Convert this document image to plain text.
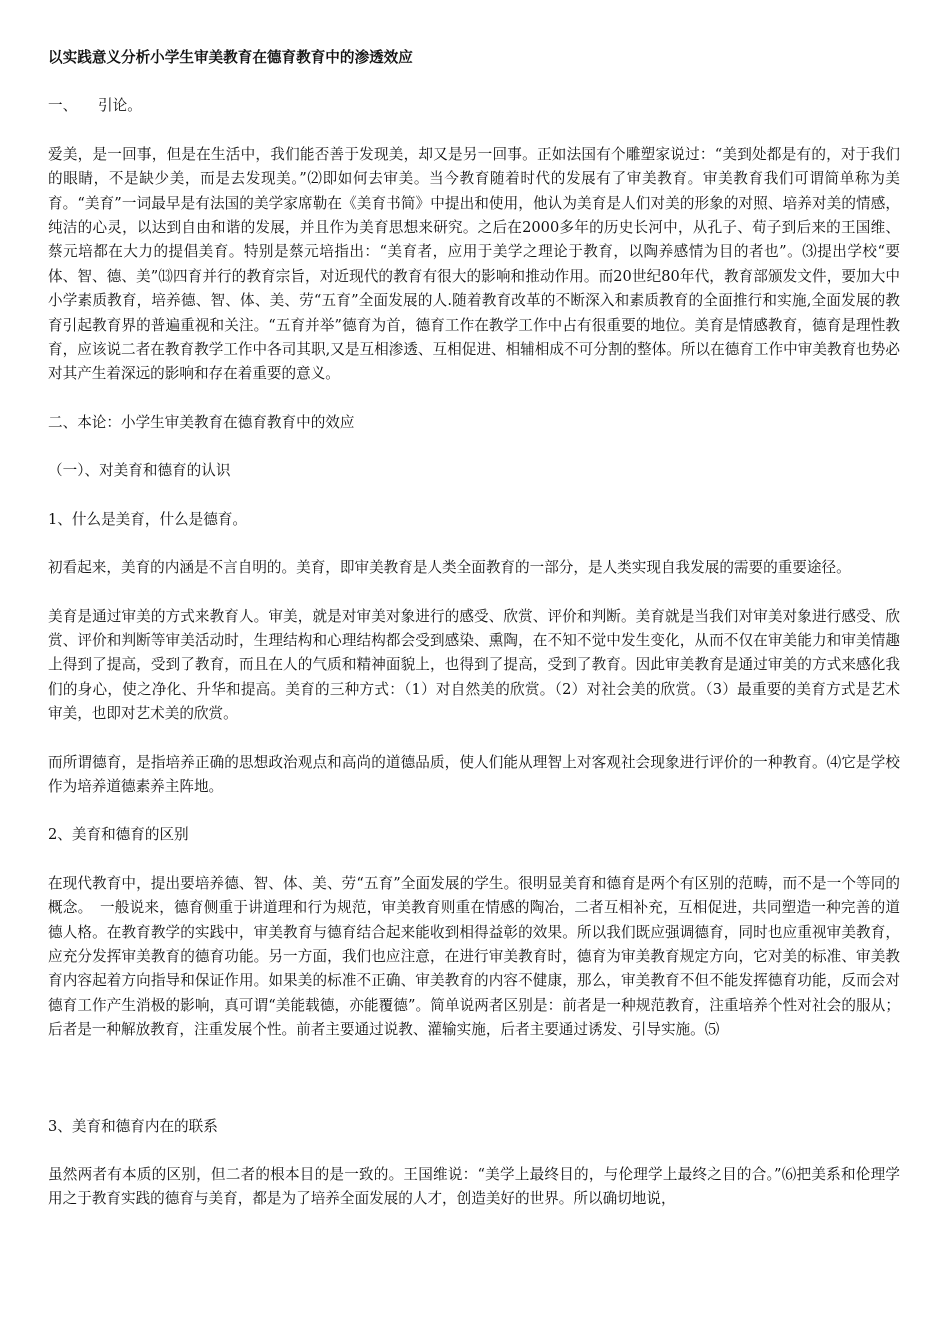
以实践意义分析小学生审美教育在德育教育中的渗透效应
一、 引论。

爱美，是一回事，但是在生活中，我们能否善于发现美，却又是另一回事。正如法国有个雕塑家说过：“美到处都是有的，对于我们的眼睛，不是缺少美，而是去发现美。”⑵即如何去审美。当今教育随着时代的发展有了审美教育。审美教育我们可谓简单称为美育。“美育”一词最早是有法国的美学家席勒在《美育书简》中提出和使用，他认为美育是人们对美的形象的对照、培养对美的情感，纯洁的心灵，以达到自由和谐的发展，并且作为美育思想来研究。之后在2000多年的历史长河中，从孔子、荀子到后来的王国维、蔡元培都在大力的提倡美育。特别是蔡元培指出：“美育者，应用于美学之理论于教育，以陶养感情为目的者也”。⑶提出学校“要体、智、德、美”⒀四育并行的教育宗旨，对近现代的教育有很大的影响和推动作用。而20世纪80年代，教育部颁发文件，要加大中小学素质教育，培养德、智、体、美、劳“五育”全面发展的人.随着教育改革的不断深入和素质教育的全面推行和实施,全面发展的教育引起教育界的普遍重视和关注。“五育并举”德育为首，德育工作在教学工作中占有很重要的地位。美育是情感教育，德育是理性教育，应该说二者在教育教学工作中各司其职,又是互相渗透、互相促进、相辅相成不可分割的整体。所以在德育工作中审美教育也势必对其产生着深远的影响和存在着重要的意义。

二、本论：小学生审美教育在德育教育中的效应
（一）、对美育和德育的认识
1、什么是美育，什么是德育。

初看起来，美育的内涵是不言自明的。美育，即审美教育是人类全面教育的一部分，是人类实现自我发展的需要的重要途径。

美育是通过审美的方式来教育人。审美，就是对审美对象进行的感受、欣赏、评价和判断。美育就是当我们对审美对象进行感受、欣赏、评价和判断等审美活动时，生理结构和心理结构都会受到感染、熏陶，在不知不觉中发生变化，从而不仅在审美能力和审美情趣上得到了提高，受到了教育，而且在人的气质和精神面貌上，也得到了提高，受到了教育。因此审美教育是通过审美的方式来感化我们的身心，使之净化、升华和提高。美育的三种方式：（1）对自然美的欣赏。（2）对社会美的欣赏。（3）最重要的美育方式是艺术审美，也即对艺术美的欣赏。

而所谓德育，是指培养正确的思想政治观点和高尚的道德品质，使人们能从理智上对客观社会现象进行评价的一种教育。⑷它是学校作为培养道德素养主阵地。

2、美育和德育的区别

在现代教育中，提出要培养德、智、体、美、劳“五育”全面发展的学生。很明显美育和德育是两个有区别的范畴，而不是一个等同的概念。　一般说来，德育侧重于讲道理和行为规范，审美教育则重在情感的陶冶，二者互相补充，互相促进，共同塑造一种完善的道德人格。在教育教学的实践中，审美教育与德育结合起来能收到相得益彰的效果。所以我们既应强调德育，同时也应重视审美教育，应充分发挥审美教育的德育功能。另一方面，我们也应注意，在进行审美教育时，德育为审美教育规定方向，它对美的标准、审美教育内容起着方向指导和保证作用。如果美的标准不正确、审美教育的内容不健康，那么，审美教育不但不能发挥德育功能，反而会对德育工作产生消极的影响，真可谓“美能载德，亦能覆德”。简单说两者区别是：前者是一种规范教育，注重培养个性对社会的服从；后者是一种解放教育，注重发展个性。前者主要通过说教、灌输实施，后者主要通过诱发、引导实施。⑸

3、美育和德育内在的联系

虽然两者有本质的区别，但二者的根本目的是一致的。王国维说：“美学上最终目的，与伦理学上最终之目的合。”⑹把美系和伦理学用之于教育实践的德育与美育，都是为了培养全面发展的人才，创造美好的世界。所以确切地说，
